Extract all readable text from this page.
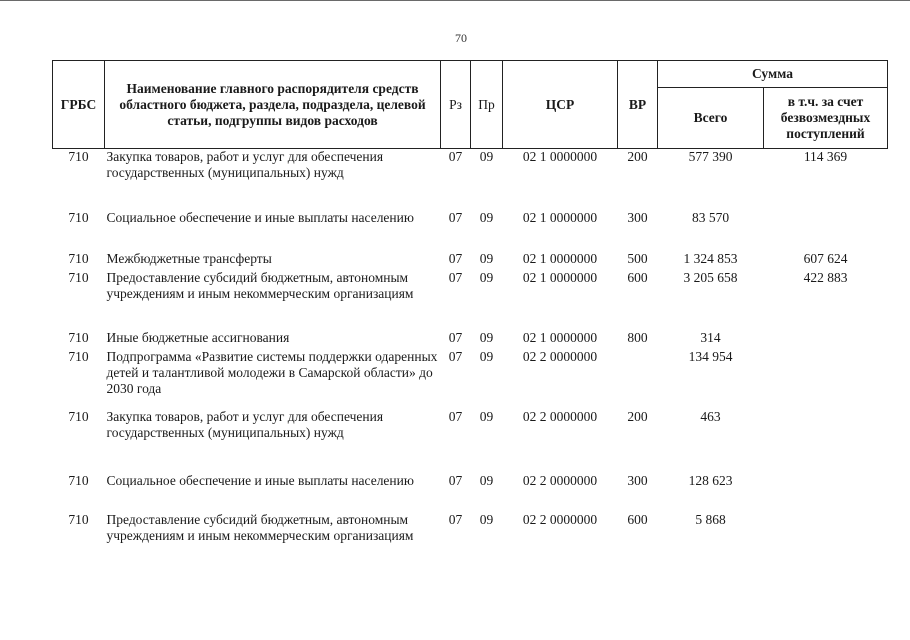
70
ГРБС	Наименование главного распорядителя средств областного бюджета, раздела, подраздела, целевой статьи, подгруппы видов расходов	Рз	Пр	ЦСР	ВР	Сумма	
						Всего	в т.ч. за счет безвозмездных поступлений
710	Закупка товаров, работ и услуг для обеспечения государственных (муниципальных) нужд	07	09	02 1 0000000	200	577 390	114 369
710	Социальное обеспечение и иные выплаты населению	07	09	02 1 0000000	300	83 570	
710	Межбюджетные трансферты	07	09	02 1 0000000	500	1 324 853	607 624
710	Предоставление субсидий бюджетным, автономным учреждениям и иным некоммерческим организациям	07	09	02 1 0000000	600	3 205 658	422 883
710	Иные бюджетные ассигнования	07	09	02 1 0000000	800	314	
710	Подпрограмма «Развитие системы поддержки одаренных детей и талантливой молодежи в Самарской области» до 2030 года	07	09	02 2 0000000		134 954	
710	Закупка товаров, работ и услуг для обеспечения государственных (муниципальных) нужд	07	09	02 2 0000000	200	463	
710	Социальное обеспечение и иные выплаты населению	07	09	02 2 0000000	300	128 623	
710	Предоставление субсидий бюджетным, автономным учреждениям и иным некоммерческим организациям	07	09	02 2 0000000	600	5 868	
